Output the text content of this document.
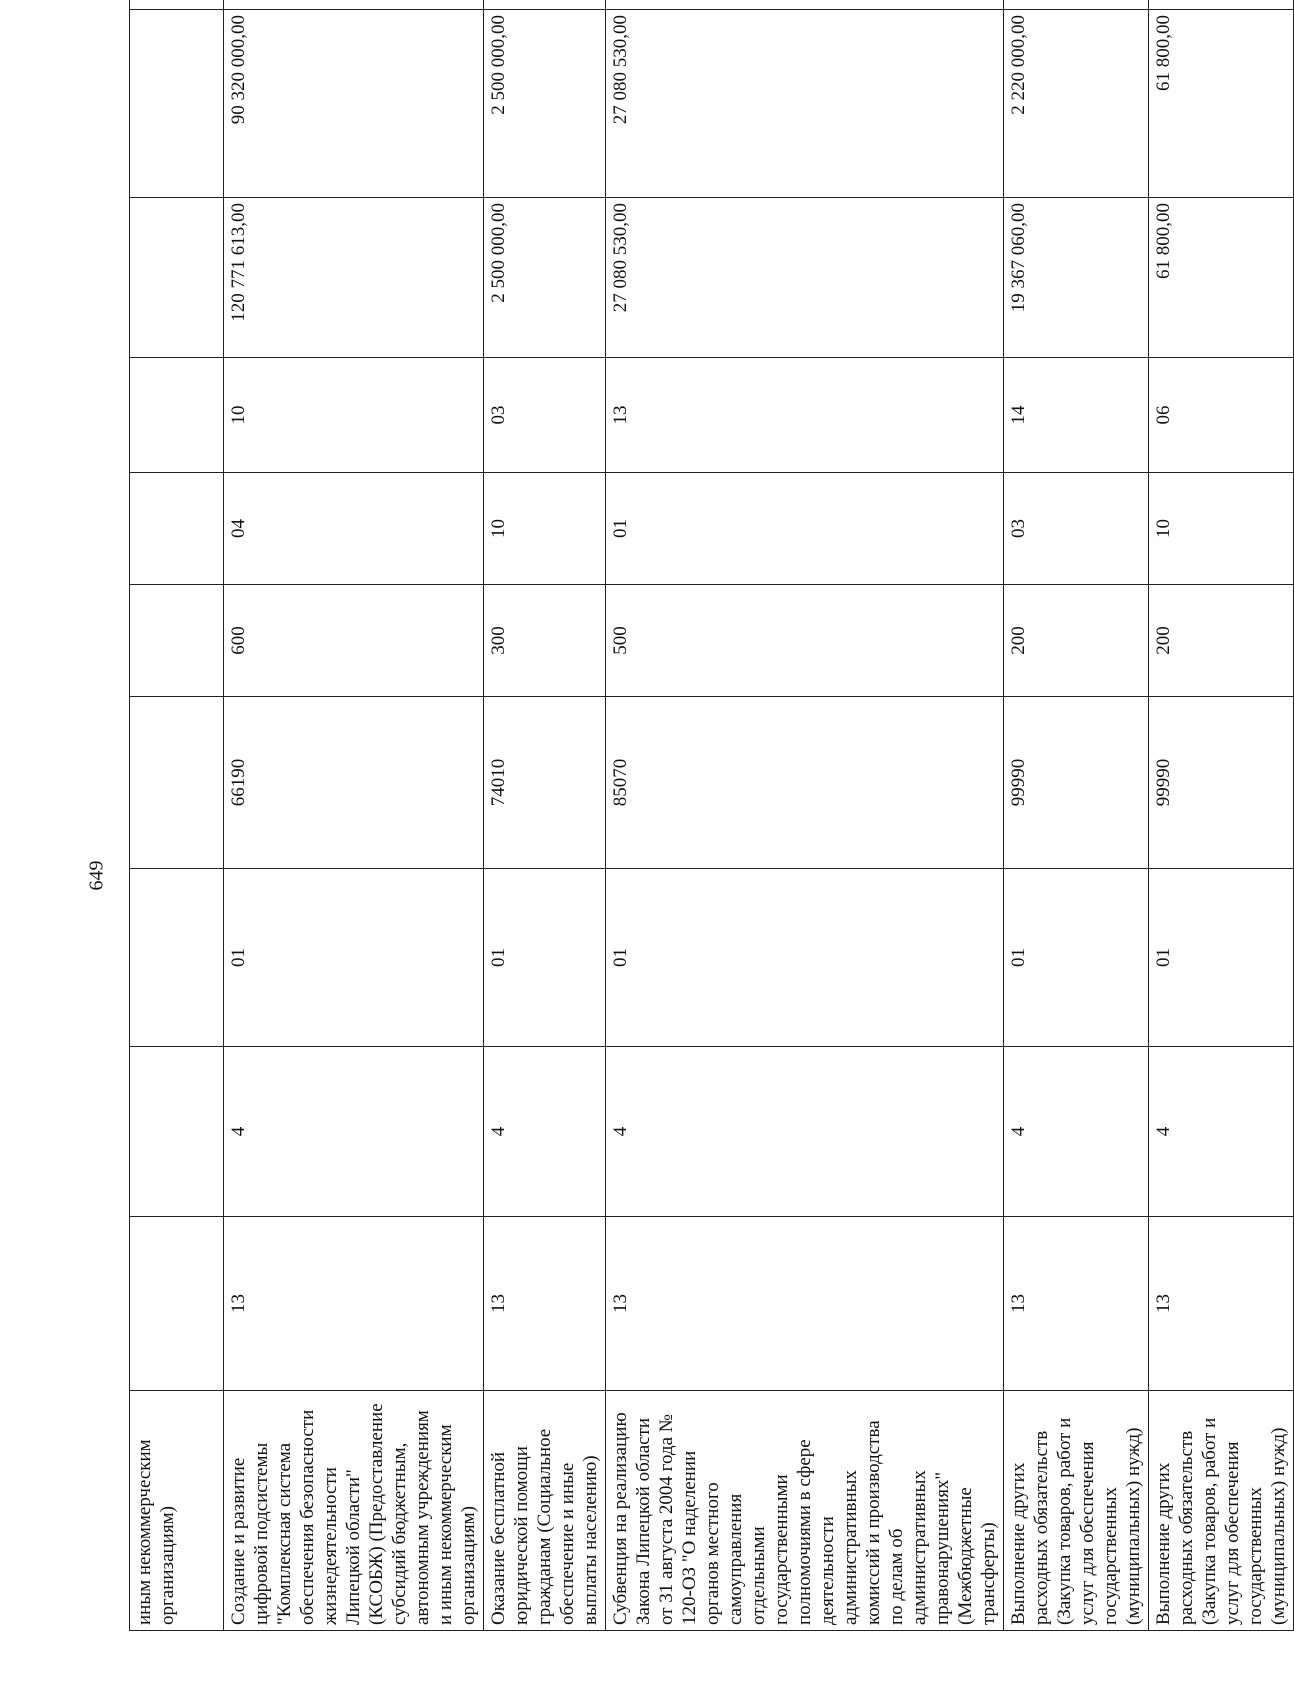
649
иным некоммерческим организациям)										
Создание и развитие цифровой подсистемы "Комплексная система обеспечения безопасности жизнедеятельности Липецкой области" (КСОБЖ) (Предоставление субсидий бюджетным, автономным учреждениям и иным некоммерческим организациям)	13	4	01	66190	600	04	10	120 771 613,00	90 320 000,00	
Оказание бесплатной юридической помощи гражданам (Социальное обеспечение и иные выплаты населению)	13	4	01	74010	300	10	03	2 500 000,00	2 500 000,00	
Субвенция на реализацию Закона Липецкой области от 31 августа 2004 года № 120-ОЗ "О наделении органов местного самоуправления отдельными государственными полномочиями в сфере деятельности административных комиссий и производства по делам об административных правонарушениях" (Межбюджетные трансферты)	13	4	01	85070	500	01	13	27 080 530,00	27 080 530,00	
Выполнение других расходных обязательств (Закупка товаров, работ и услуг для обеспечения государственных (муниципальных) нужд)	13	4	01	99990	200	03	14	19 367 060,00	2 220 000,00	
Выполнение других расходных обязательств (Закупка товаров, работ и услуг для обеспечения государственных (муниципальных) нужд)	13	4	01	99990	200	10	06	61 800,00	61 800,00	
